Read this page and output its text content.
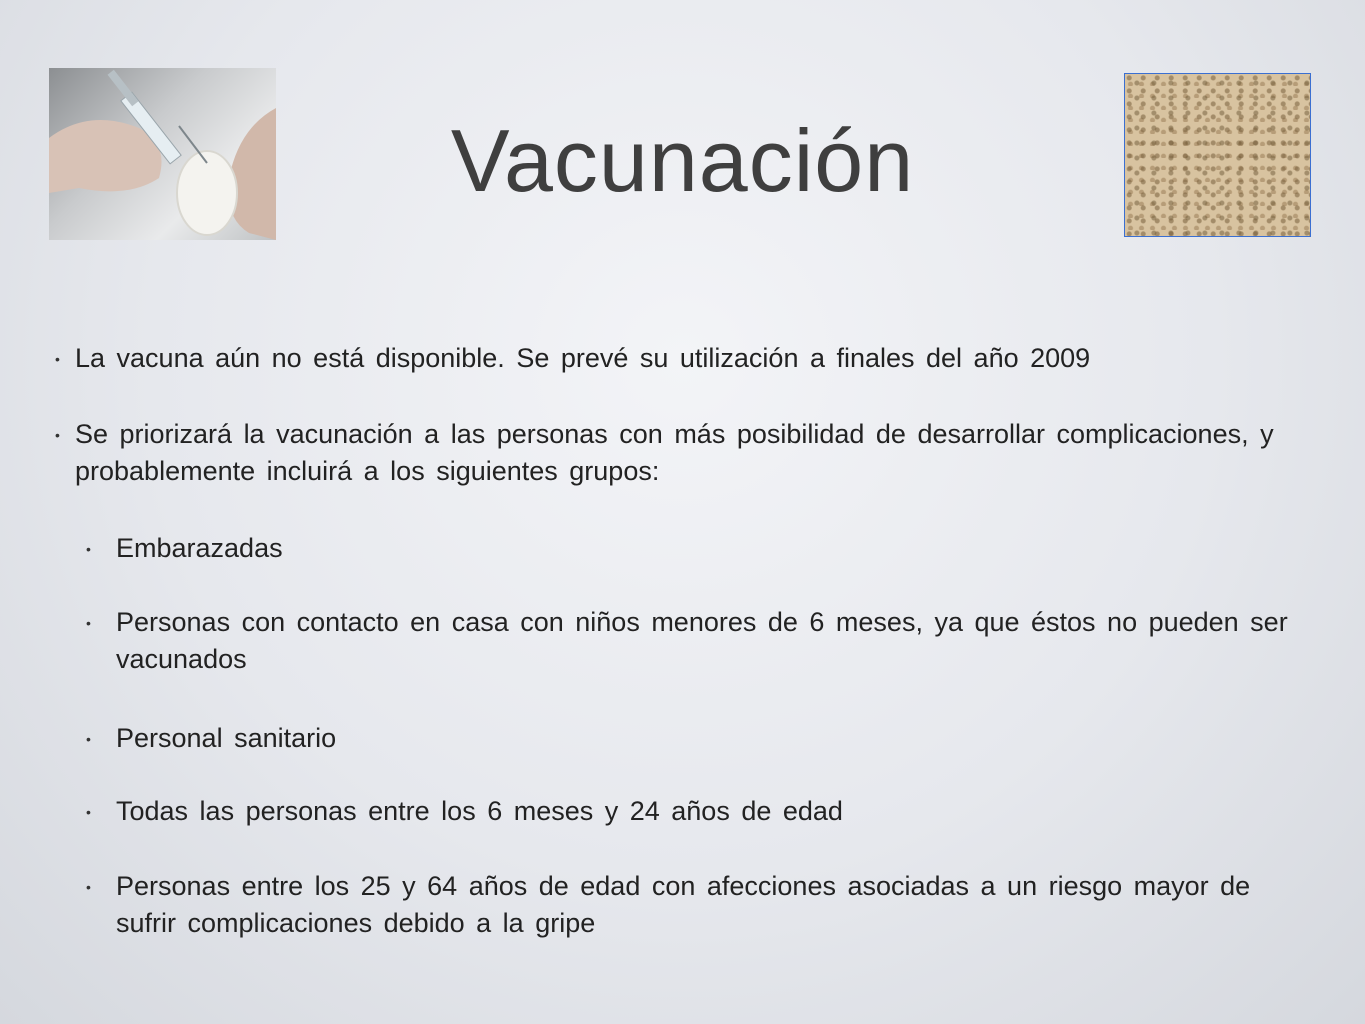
Vacunación
• La vacuna aún no está disponible. Se prevé su utilización a finales del año 2009
• Se priorizará la vacunación a las personas con más posibilidad de desarrollar complicaciones, y probablemente incluirá a los siguientes grupos:
• Embarazadas
• Personas con contacto en casa con niños menores de 6 meses, ya que éstos no pueden ser vacunados
• Personal sanitario
• Todas las personas entre los 6 meses y 24 años de edad
• Personas entre los 25 y 64 años de edad con afecciones asociadas a un riesgo mayor de sufrir complicaciones debido a la gripe
